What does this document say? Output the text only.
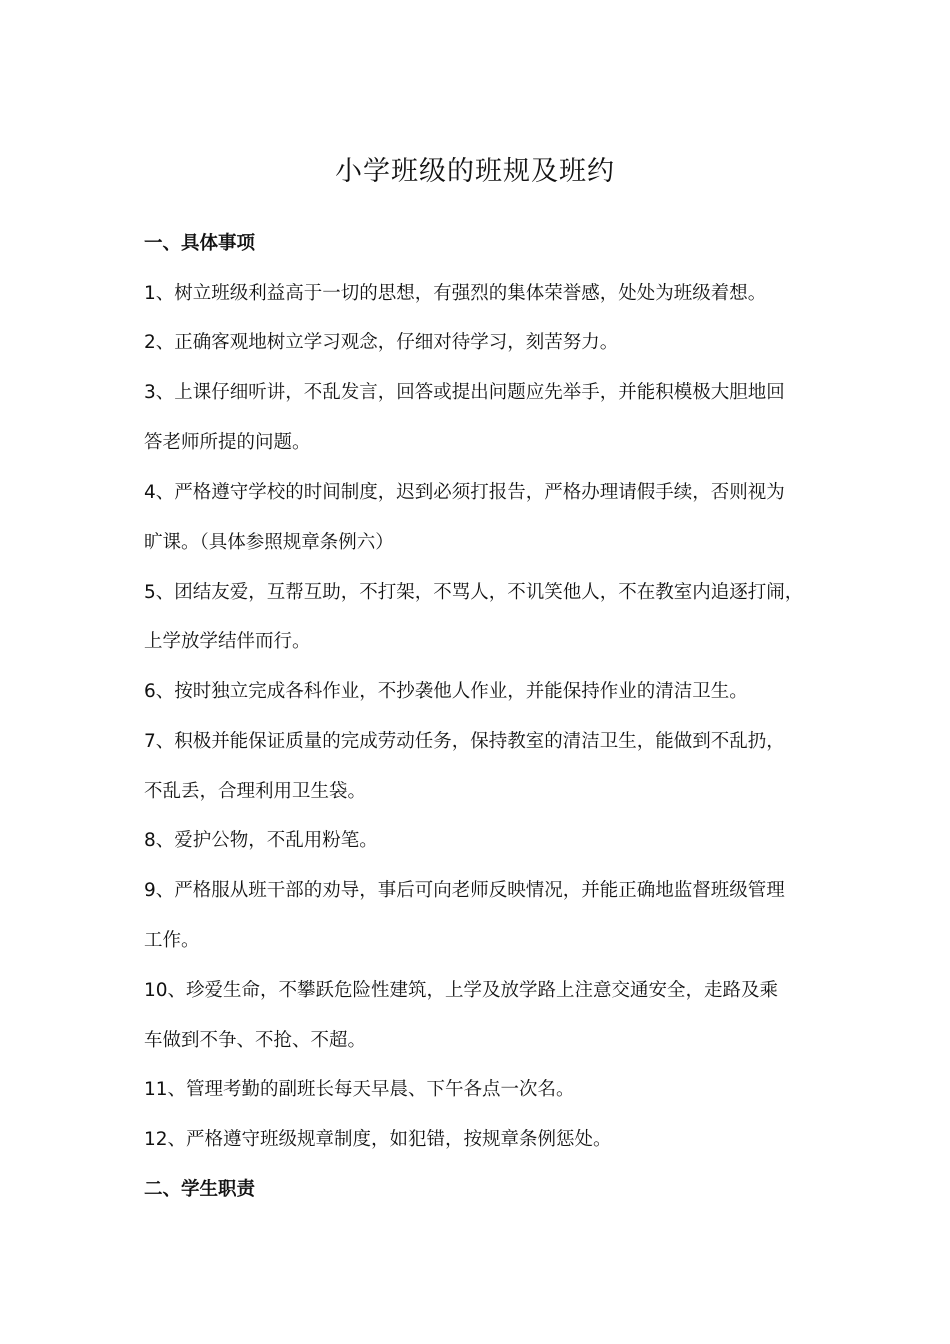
小学班级的班规及班约

一、具体事项

1、树立班级利益高于一切的思想，有强烈的集体荣誉感，处处为班级着想。

2、正确客观地树立学习观念，仔细对待学习，刻苦努力。

3、上课仔细听讲，不乱发言，回答或提出问题应先举手，并能积模极大胆地回

答老师所提的问题。

4、严格遵守学校的时间制度，迟到必须打报告，严格办理请假手续，否则视为

旷课。（具体参照规章条例六）

5、团结友爱，互帮互助，不打架，不骂人，不讥笑他人，不在教室内追逐打闹，

上学放学结伴而行。

6、按时独立完成各科作业，不抄袭他人作业，并能保持作业的清洁卫生。

7、积极并能保证质量的完成劳动任务，保持教室的清洁卫生，能做到不乱扔，

不乱丢，合理利用卫生袋。

8、爱护公物，不乱用粉笔。

9、严格服从班干部的劝导，事后可向老师反映情况，并能正确地监督班级管理

工作。

10、珍爱生命，不攀跃危险性建筑，上学及放学路上注意交通安全，走路及乘

车做到不争、不抢、不超。

11、管理考勤的副班长每天早晨、下午各点一次名。

12、严格遵守班级规章制度，如犯错，按规章条例惩处。

二、学生职责
